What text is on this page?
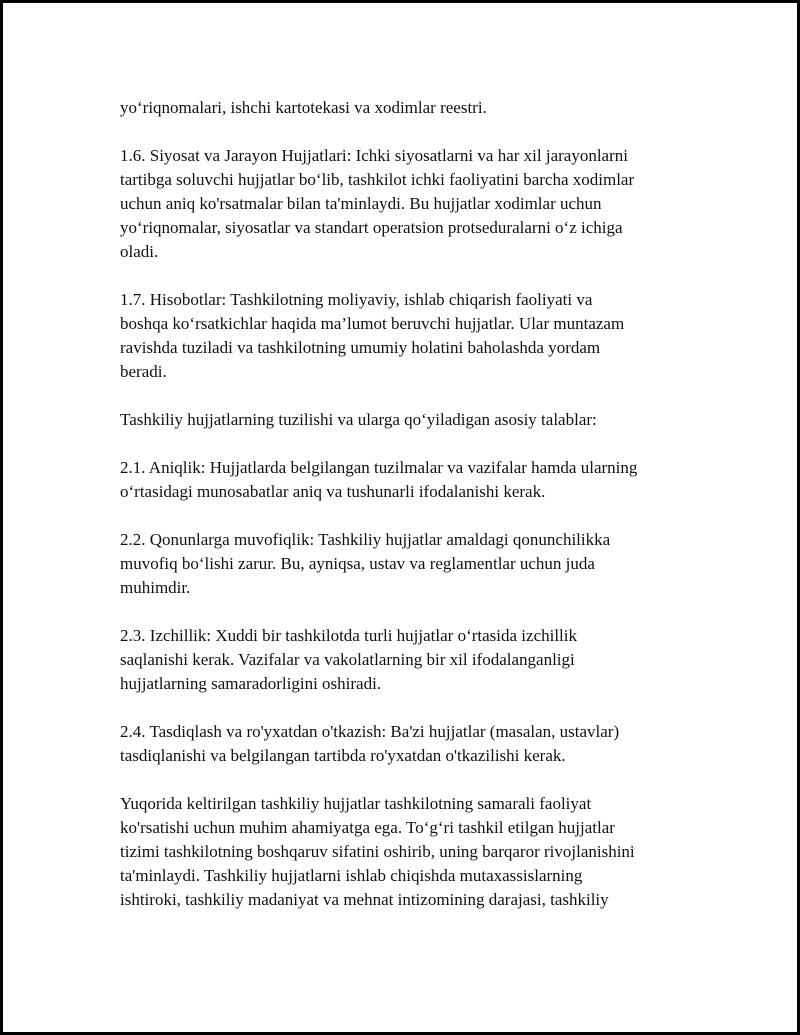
yo‘riqnomalari, ishchi kartotekasi va xodimlar reestri.

1.6. Siyosat va Jarayon Hujjatlari: Ichki siyosatlarni va har xil jarayonlarni
tartibga soluvchi hujjatlar bo‘lib, tashkilot ichki faoliyatini barcha xodimlar
uchun aniq ko'rsatmalar bilan ta'minlaydi. Bu hujjatlar xodimlar uchun
yo‘riqnomalar, siyosatlar va standart operatsion protseduralarni o‘z ichiga
oladi.

1.7. Hisobotlar: Tashkilotning moliyaviy, ishlab chiqarish faoliyati va
boshqa ko‘rsatkichlar haqida ma’lumot beruvchi hujjatlar. Ular muntazam
ravishda tuziladi va tashkilotning umumiy holatini baholashda yordam
beradi.

Tashkiliy hujjatlarning tuzilishi va ularga qo‘yiladigan asosiy talablar:

2.1. Aniqlik: Hujjatlarda belgilangan tuzilmalar va vazifalar hamda ularning
o‘rtasidagi munosabatlar aniq va tushunarli ifodalanishi kerak.

2.2. Qonunlarga muvofiqlik: Tashkiliy hujjatlar amaldagi qonunchilikka
muvofiq bo‘lishi zarur. Bu, ayniqsa, ustav va reglamentlar uchun juda
muhimdir.

2.3. Izchillik: Xuddi bir tashkilotda turli hujjatlar o‘rtasida izchillik
saqlanishi kerak. Vazifalar va vakolatlarning bir xil ifodalanganligi
hujjatlarning samaradorligini oshiradi.

2.4. Tasdiqlash va ro'yxatdan o'tkazish: Ba'zi hujjatlar (masalan, ustavlar)
tasdiqlanishi va belgilangan tartibda ro'yxatdan o'tkazilishi kerak.

Yuqorida keltirilgan tashkiliy hujjatlar tashkilotning samarali faoliyat
ko'rsatishi uchun muhim ahamiyatga ega. To‘g‘ri tashkil etilgan hujjatlar
tizimi tashkilotning boshqaruv sifatini oshirib, uning barqaror rivojlanishini
ta'minlaydi. Tashkiliy hujjatlarni ishlab chiqishda mutaxassislarning
ishtiroki, tashkiliy madaniyat va mehnat intizomining darajasi, tashkiliy
